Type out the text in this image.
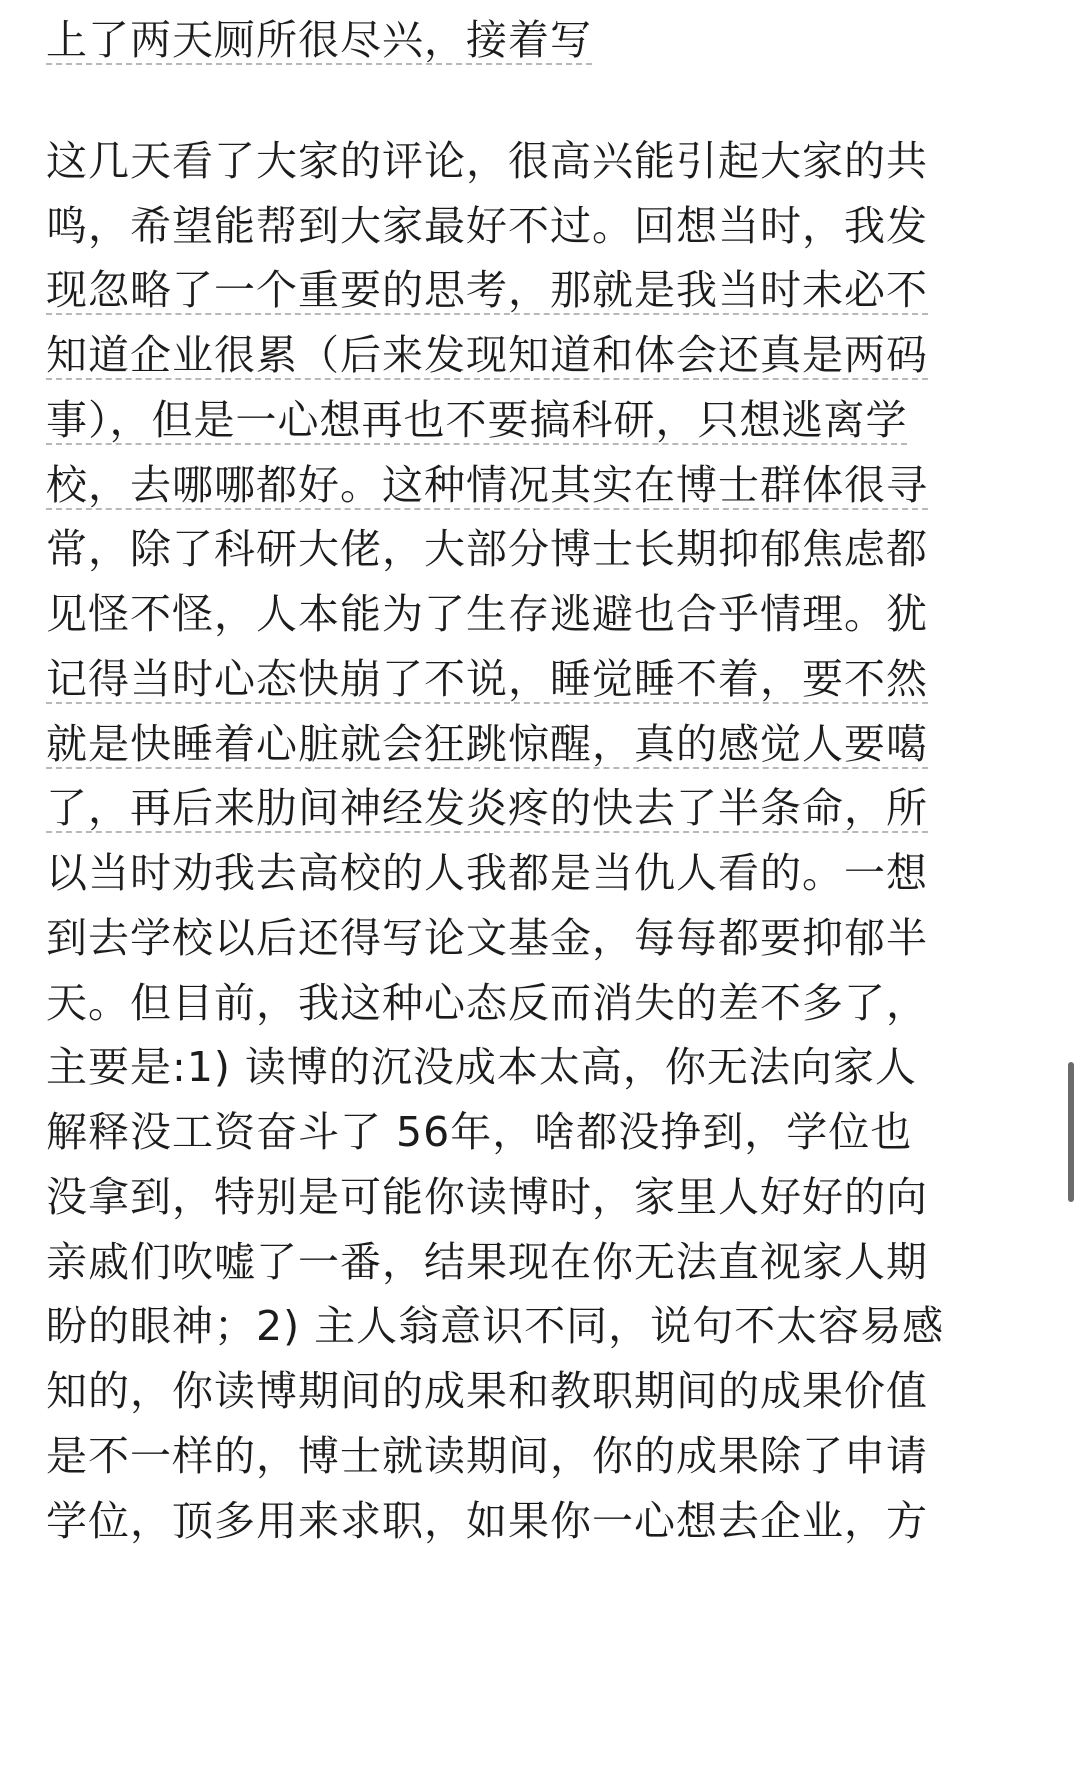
上了两天厕所很尽兴，接着写
这几天看了大家的评论，很高兴能引起大家的共
鸣，希望能帮到大家最好不过。回想当时，我发
现忽略了一个重要的思考，那就是我当时未必不
知道企业很累（后来发现知道和体会还真是两码
事），但是一心想再也不要搞科研，只想逃离学
校，去哪哪都好。这种情况其实在博士群体很寻
常，除了科研大佬，大部分博士长期抑郁焦虑都
见怪不怪，人本能为了生存逃避也合乎情理。犹
记得当时心态快崩了不说，睡觉睡不着，要不然
就是快睡着心脏就会狂跳惊醒，真的感觉人要噶
了，再后来肋间神经发炎疼的快去了半条命，所
以当时劝我去高校的人我都是当仇人看的。一想
到去学校以后还得写论文基金，每每都要抑郁半
天。但目前，我这种心态反而消失的差不多了，
主要是:1) 读博的沉没成本太高，你无法向家人
解释没工资奋斗了 56年，啥都没挣到，学位也
没拿到，特别是可能你读博时，家里人好好的向
亲戚们吹嘘了一番，结果现在你无法直视家人期
盼的眼神；2) 主人翁意识不同，说句不太容易感
知的，你读博期间的成果和教职期间的成果价值
是不一样的，博士就读期间，你的成果除了申请
学位，顶多用来求职，如果你一心想去企业，方
